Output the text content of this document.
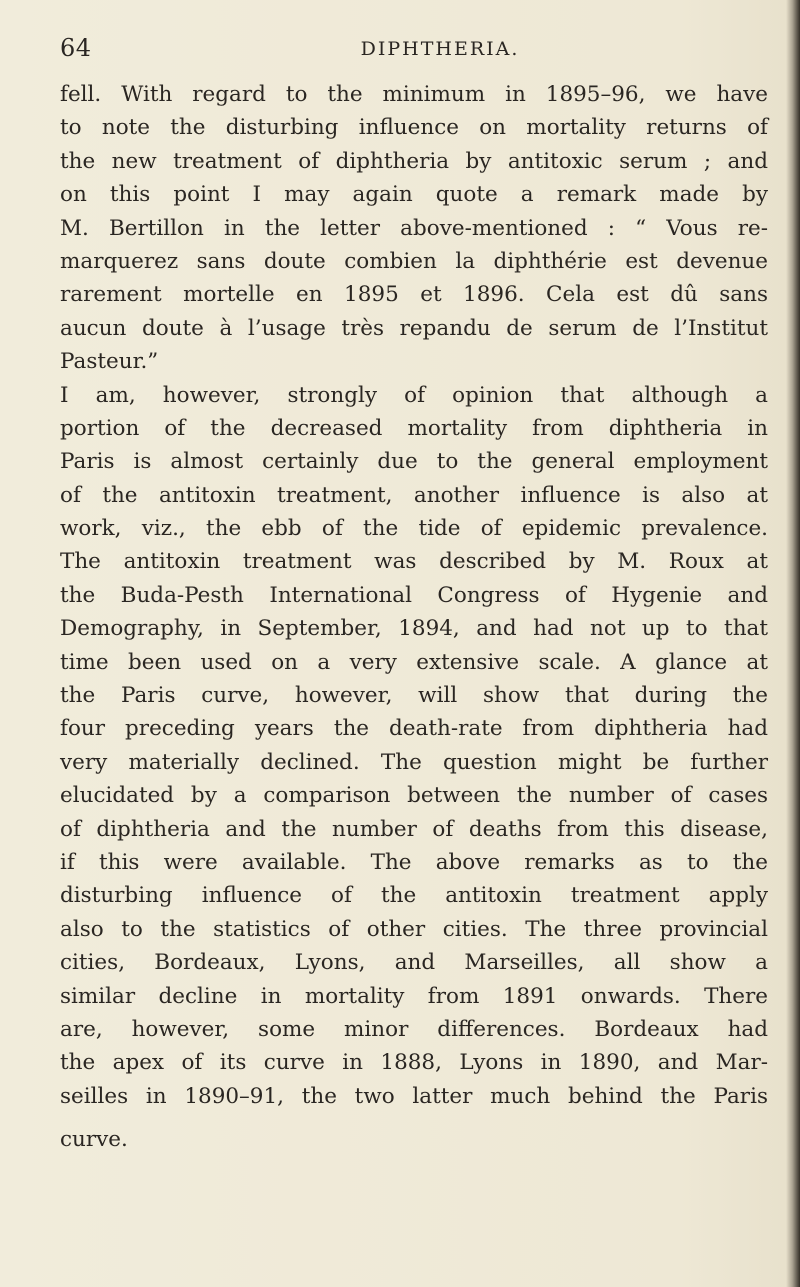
64	DIPHTHERIA.
fell. With regard to the minimum in 1895–96, we have
to note the disturbing influence on mortality returns of
the new treatment of diphtheria by antitoxic serum ; and
on this point I may again quote a remark made by
M. Bertillon in the letter above-mentioned : “ Vous re-
marquerez sans doute combien la diphthérie est devenue
rarement mortelle en 1895 et 1896. Cela est dû sans
aucun doute à l’usage très repandu de serum de l’Institut
Pasteur.”
I am, however, strongly of opinion that although a
portion of the decreased mortality from diphtheria in
Paris is almost certainly due to the general employment
of the antitoxin treatment, another influence is also at
work, viz., the ebb of the tide of epidemic prevalence.
The antitoxin treatment was described by M. Roux at
the Buda-Pesth International Congress of Hygenie and
Demography, in September, 1894, and had not up to that
time been used on a very extensive scale. A glance at
the Paris curve, however, will show that during the
four preceding years the death-rate from diphtheria had
very materially declined. The question might be further
elucidated by a comparison between the number of cases
of diphtheria and the number of deaths from this disease,
if this were available. The above remarks as to the
disturbing influence of the antitoxin treatment apply
also to the statistics of other cities. The three provincial
cities, Bordeaux, Lyons, and Marseilles, all show a
similar decline in mortality from 1891 onwards. There
are, however, some minor differences. Bordeaux had
the apex of its curve in 1888, Lyons in 1890, and Mar-
seilles in 1890–91, the two latter much behind the Paris
curve.
